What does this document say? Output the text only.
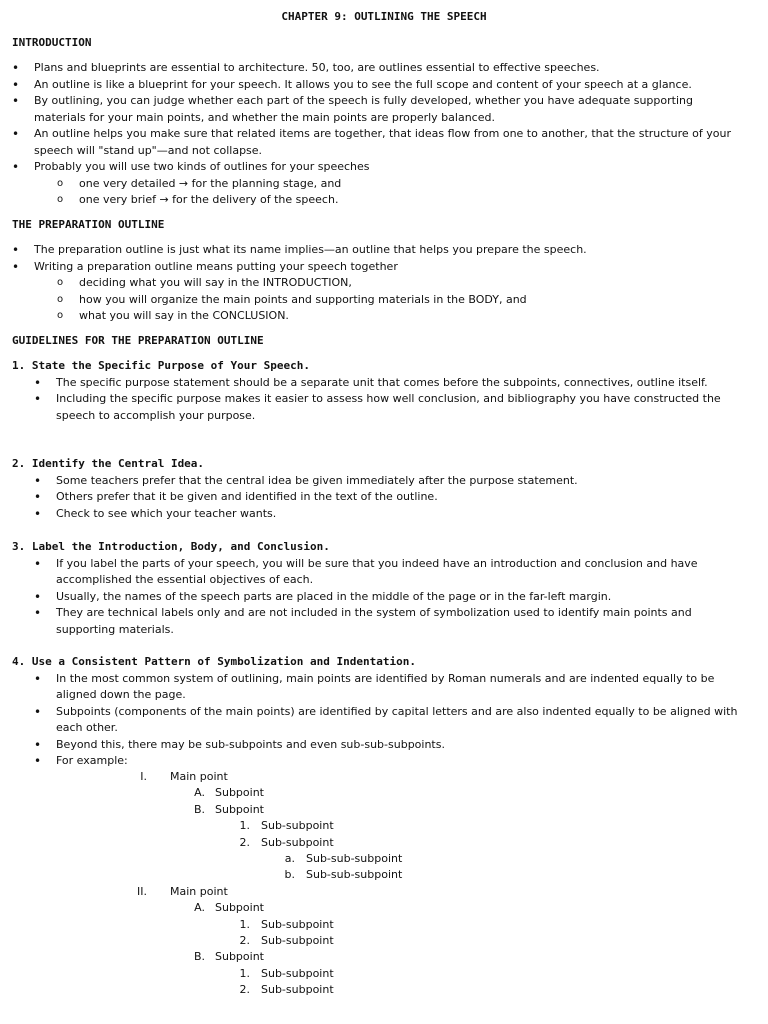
CHAPTER 9: OUTLINING THE SPEECH
INTRODUCTION
• Plans and blueprints are essential to architecture. 50, too, are outlines essential to effective speeches.
• An outline is like a blueprint for your speech. It allows you to see the full scope and content of your speech at a glance.
• By outlining, you can judge whether each part of the speech is fully developed, whether you have adequate supporting materials for your main points, and whether the main points are properly balanced.
• An outline helps you make sure that related items are together, that ideas flow from one to another, that the structure of your speech will "stand up"—and not collapse.
• Probably you will use two kinds of outlines for your speeches
o one very detailed → for the planning stage, and
o one very brief → for the delivery of the speech.
THE PREPARATION OUTLINE
• The preparation outline is just what its name implies—an outline that helps you prepare the speech.
• Writing a preparation outline means putting your speech together
o deciding what you will say in the INTRODUCTION,
o how you will organize the main points and supporting materials in the BODY, and
o what you will say in the CONCLUSION.
GUIDELINES FOR THE PREPARATION OUTLINE
1. State the Specific Purpose of Your Speech.
• The specific purpose statement should be a separate unit that comes before the subpoints, connectives, outline itself.
• Including the specific purpose makes it easier to assess how well conclusion, and bibliography you have constructed the speech to accomplish your purpose.
2. Identify the Central Idea.
• Some teachers prefer that the central idea be given immediately after the purpose statement.
• Others prefer that it be given and identified in the text of the outline.
• Check to see which your teacher wants.
3. Label the Introduction, Body, and Conclusion.
• If you label the parts of your speech, you will be sure that you indeed have an introduction and conclusion and have accomplished the essential objectives of each.
• Usually, the names of the speech parts are placed in the middle of the page or in the far-left margin.
• They are technical labels only and are not included in the system of symbolization used to identify main points and supporting materials.
4. Use a Consistent Pattern of Symbolization and Indentation.
• In the most common system of outlining, main points are identified by Roman numerals and are indented equally to be aligned down the page.
• Subpoints (components of the main points) are identified by capital letters and are also indented equally to be aligned with each other.
• Beyond this, there may be sub-subpoints and even sub-sub-subpoints.
• For example:
I. Main point
A. Subpoint
B. Subpoint
1. Sub-subpoint
2. Sub-subpoint
a. Sub-sub-subpoint
b. Sub-sub-subpoint
II. Main point
A. Subpoint
1. Sub-subpoint
2. Sub-subpoint
B. Subpoint
1. Sub-subpoint
2. Sub-subpoint
